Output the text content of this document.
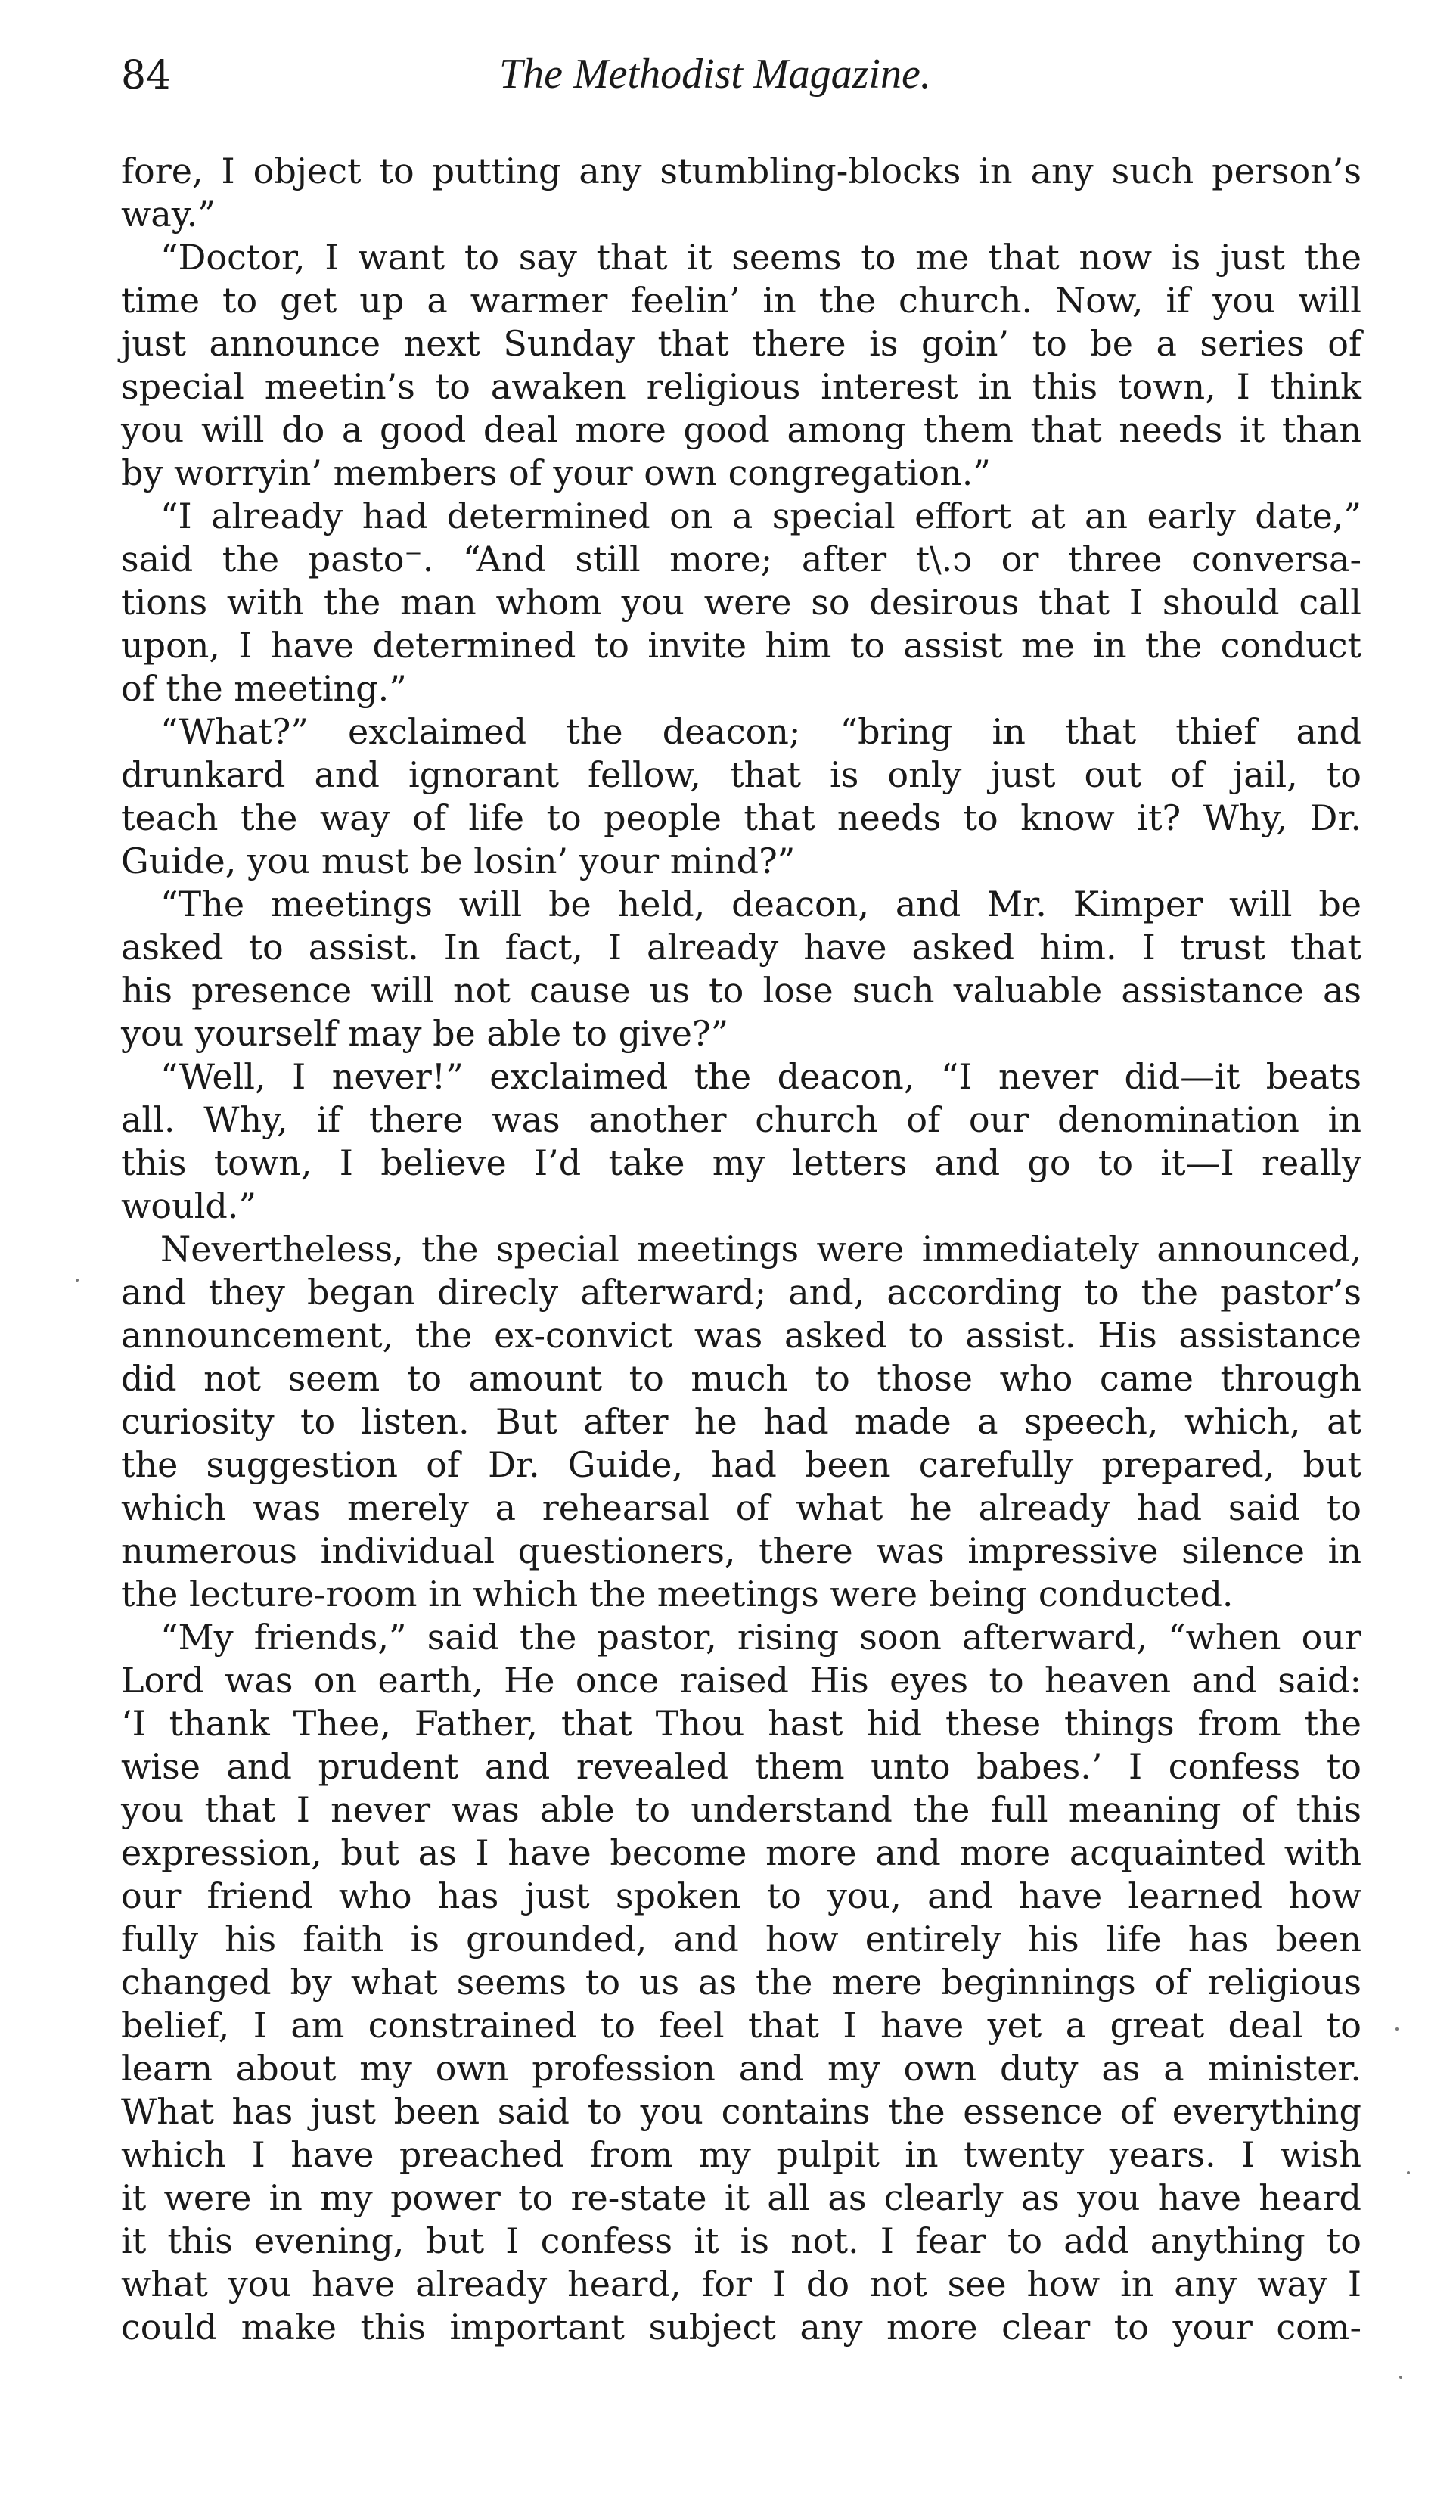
84	The Methodist Magazine.
fore, I object to putting any stumbling-blocks in any such person’s
way.”
“Doctor, I want to say that it seems to me that now is just the
time to get up a warmer feelin’ in the church. Now, if you will
just announce next Sunday that there is goin’ to be a series of
special meetin’s to awaken religious interest in this town, I think
you will do a good deal more good among them that needs it than
by worryin’ members of your own congregation.”
“I already had determined on a special effort at an early date,”
said the pasto⁻. “And still more; after t\.ↄ or three conversa-
tions with the man whom you were so desirous that I should call
upon, I have determined to invite him to assist me in the conduct
of the meeting.”
“What?” exclaimed the deacon; “bring in that thief and
drunkard and ignorant fellow, that is only just out of jail, to
teach the way of life to people that needs to know it? Why, Dr.
Guide, you must be losin’ your mind?”
“The meetings will be held, deacon, and Mr. Kimper will be
asked to assist. In fact, I already have asked him. I trust that
his presence will not cause us to lose such valuable assistance as
you yourself may be able to give?”
“Well, I never!” exclaimed the deacon, “I never did—it beats
all. Why, if there was another church of our denomination in
this town, I believe I’d take my letters and go to it—I really
would.”
Nevertheless, the special meetings were immediately announced,
and they began direcly afterward; and, according to the pastor’s
announcement, the ex-convict was asked to assist. His assistance
did not seem to amount to much to those who came through
curiosity to listen. But after he had made a speech, which, at
the suggestion of Dr. Guide, had been carefully prepared, but
which was merely a rehearsal of what he already had said to
numerous individual questioners, there was impressive silence in
the lecture-room in which the meetings were being conducted.
“My friends,” said the pastor, rising soon afterward, “when our
Lord was on earth, He once raised His eyes to heaven and said:
‘I thank Thee, Father, that Thou hast hid these things from the
wise and prudent and revealed them unto babes.’ I confess to
you that I never was able to understand the full meaning of this
expression, but as I have become more and more acquainted with
our friend who has just spoken to you, and have learned how
fully his faith is grounded, and how entirely his life has been
changed by what seems to us as the mere beginnings of religious
belief, I am constrained to feel that I have yet a great deal to
learn about my own profession and my own duty as a minister.
What has just been said to you contains the essence of everything
which I have preached from my pulpit in twenty years. I wish
it were in my power to re-state it all as clearly as you have heard
it this evening, but I confess it is not. I fear to add anything to
what you have already heard, for I do not see how in any way I
could make this important subject any more clear to your com-
